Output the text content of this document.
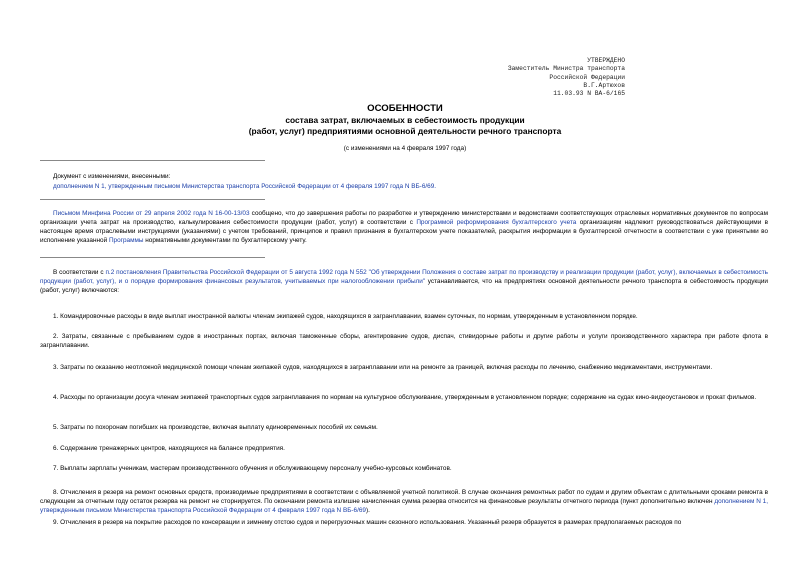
УТВЕРЖДЕНО
Заместитель Министра транспорта
Российской Федерации
В.Г.Артюхов
11.03.93 N ВА-6/165
ОСОБЕННОСТИ
состава затрат, включаемых в себестоимость продукции
(работ, услуг) предприятиями основной деятельности речного транспорта
(с изменениями на 4 февраля 1997 года)

Документ с изменениями, внесенными:

дополнением N 1, утвержденным письмом Министерства транспорта Российской Федерации от 4 февраля 1997 года N ВБ-6/69.

Письмом Минфина России от 29 апреля 2002 года N 16-00-13/03 сообщено, что до завершения работы по разработке и утверждению министерствами и ведомствами соответствующих отраслевых нормативных документов по вопросам организации учета затрат на производство, калькулирования себестоимости продукции (работ, услуг) в соответствии с Программой реформирования бухгалтерского учета организациям надлежит руководствоваться действующими в настоящее время отраслевыми инструкциями (указаниями) с учетом требований, принципов и правил признания в бухгалтерском учете показателей, раскрытия информации в бухгалтерской отчетности в соответствии с уже принятыми во исполнение указанной Программы нормативными документами по бухгалтерскому учету.

В соответствии с п.2 постановления Правительства Российской Федерации от 5 августа 1992 года N 552 "Об утверждении Положения о составе затрат по производству и реализации продукции (работ, услуг), включаемых в себестоимость продукции (работ, услуг), и о порядке формирования финансовых результатов, учитываемых при налогообложении прибыли" устанавливается, что на предприятиях основной деятельности речного транспорта в себестоимость продукции (работ, услуг) включаются:

1. Командировочные расходы в виде выплат иностранной валюты членам экипажей судов, находящихся в загранплавании, взамен суточных, по нормам, утвержденным в установленном порядке.

2. Затраты, связанные с пребыванием судов в иностранных портах, включая таможенные сборы, агентирование судов, диспач, стивидорные работы и другие работы и услуги производственного характера при работе флота в загранплавании.

3. Затраты по оказанию неотложной медицинской помощи членам экипажей судов, находящихся в загранплавании или на ремонте за границей, включая расходы по лечению, снабжению медикаментами, инструментами.

4. Расходы по организации досуга членам экипажей транспортных судов загранплавания по нормам на культурное обслуживание, утвержденным в установленном порядке; содержание на судах кино-видеоустановок и прокат фильмов.

5. Затраты по похоронам погибших на производстве, включая выплату единовременных пособий их семьям.

6. Содержание тренажерных центров, находящихся на балансе предприятия.

7. Выплаты зарплаты ученикам, мастерам производственного обучения и обслуживающему персоналу учебно-курсовых комбинатов.

8. Отчисления в резерв на ремонт основных средств, производимые предприятиями в соответствии с объявляемой учетной политикой. В случае окончания ремонтных работ по судам и другим объектам с длительными сроками ремонта в следующем за отчетным году остаток резерва на ремонт не сторнируется. По окончании ремонта излишне начисленная сумма резерва относится на финансовые результаты отчетного периода (пункт дополнительно включен дополнением N 1, утвержденным письмом Министерства транспорта Российской Федерации от 4 февраля 1997 года N ВБ-6/69).

9. Отчисления в резерв на покрытие расходов по консервации и зимнему отстою судов и перегрузочных машин сезонного использования. Указанный резерв образуется в размерах предполагаемых расходов по
